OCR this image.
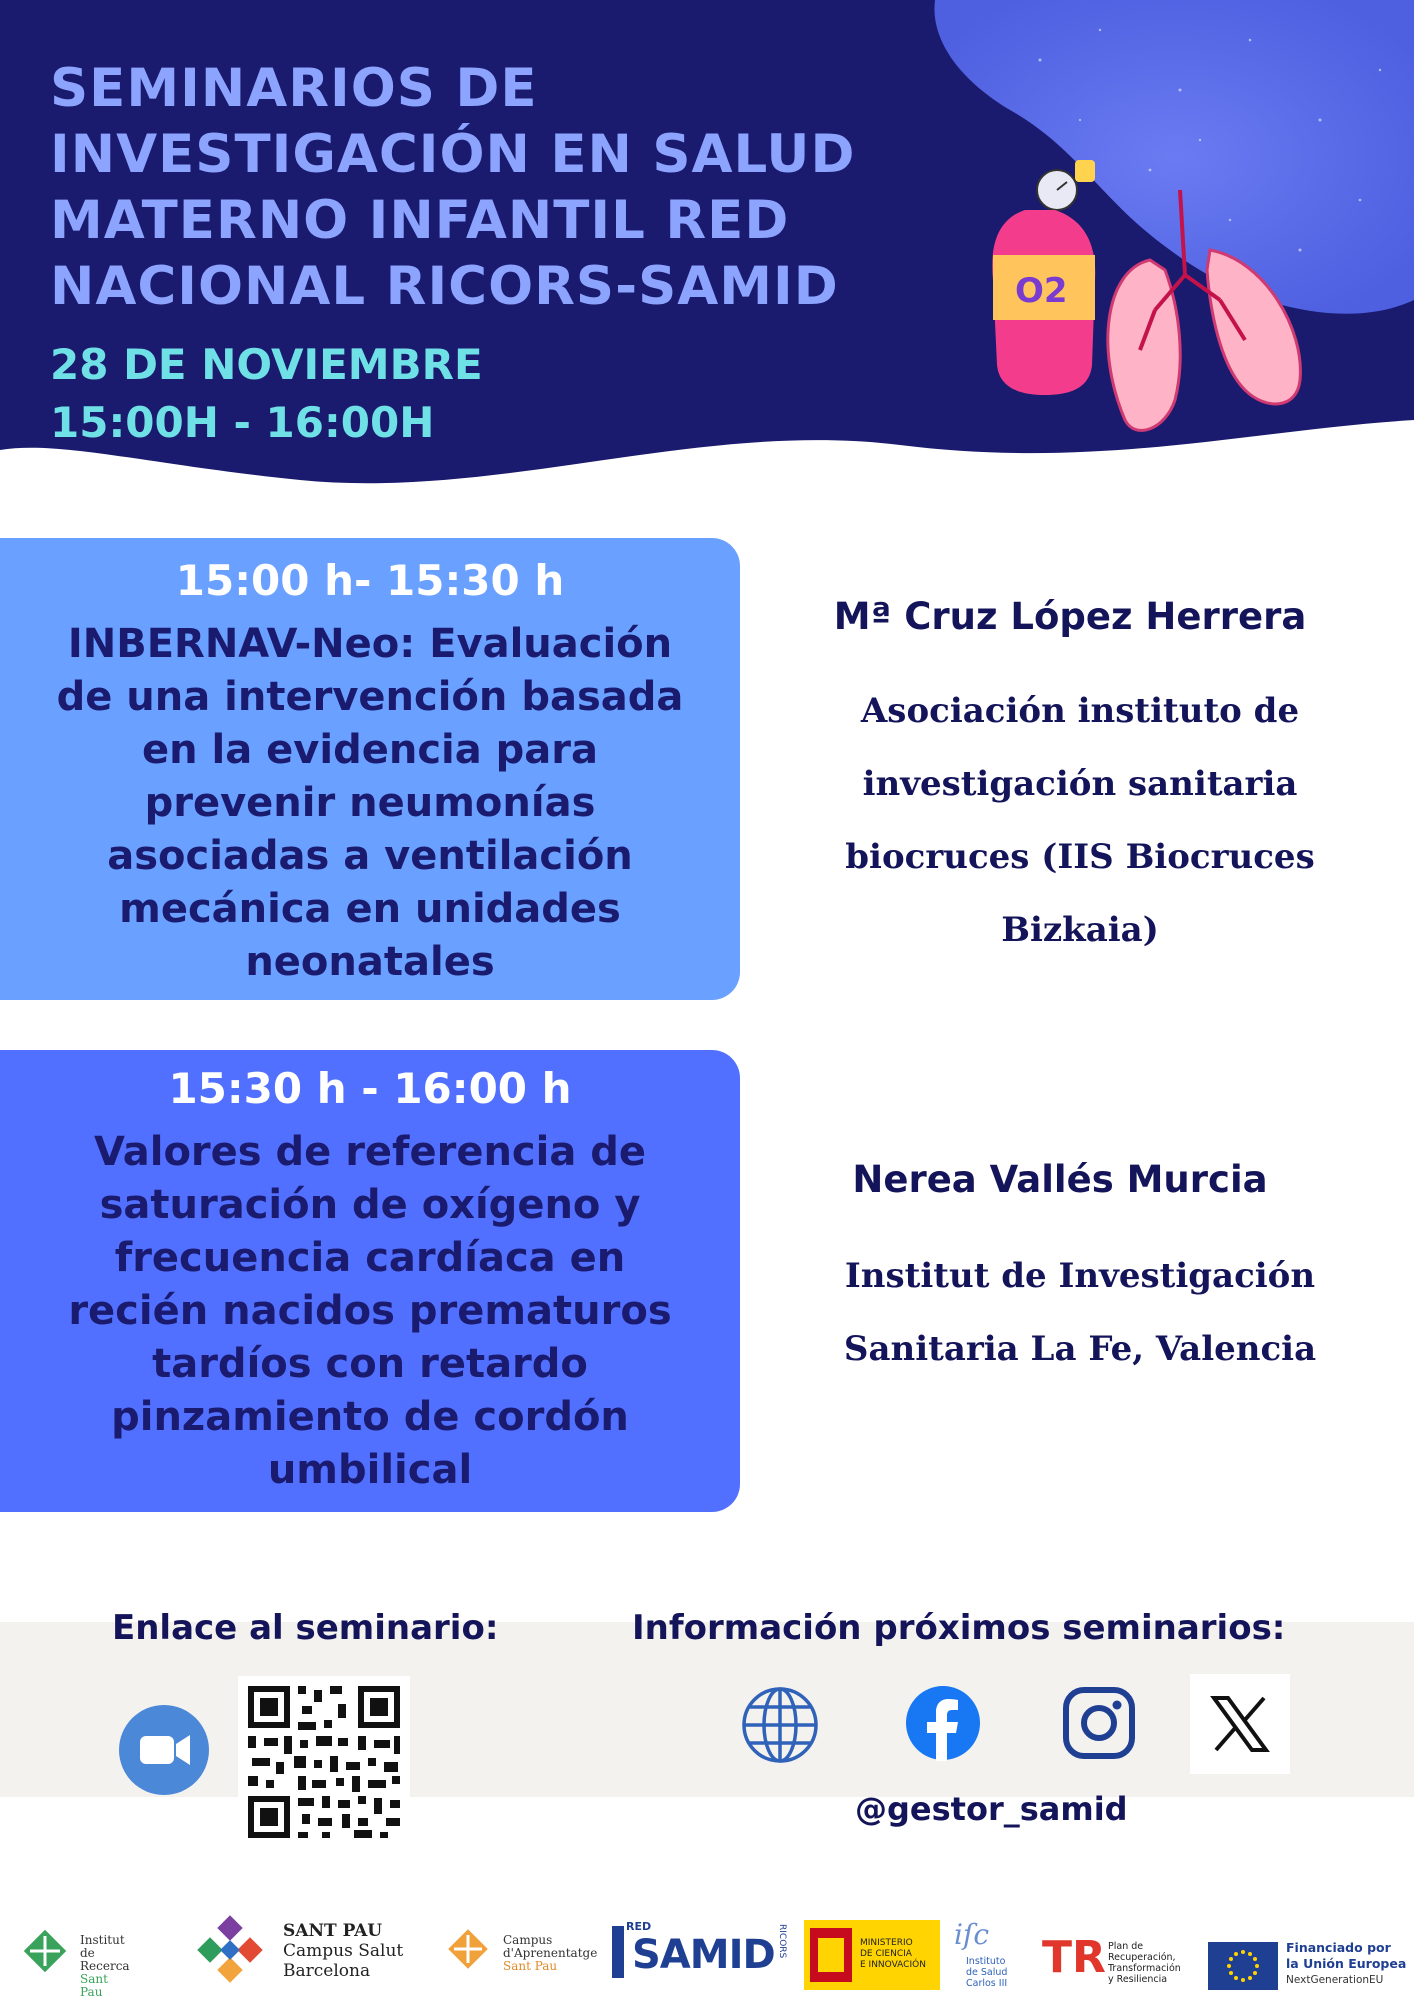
SEMINARIOS DE
INVESTIGACIÓN EN SALUD
MATERNO INFANTIL RED
NACIONAL RICORS-SAMID
28 DE NOVIEMBRE
15:00H - 16:00H
O2
15:00 h- 15:30 h
INBERNAV-Neo: Evaluación
de una intervención basada
en la evidencia para
prevenir neumonías
asociadas a ventilación
mecánica en unidades
neonatales
Mª Cruz López Herrera
Asociación instituto de
investigación sanitaria
biocruces (IIS Biocruces
Bizkaia)
15:30 h - 16:00 h
Valores de referencia de
saturación de oxígeno y
frecuencia cardíaca en
recién nacidos prematuros
tardíos con retardo
pinzamiento de cordón
umbilical
Nerea Vallés Murcia
Institut de Investigación
Sanitaria La Fe, Valencia
Enlace al seminario:	Información próximos seminarios:
@gestor_samid
Institut
de Recerca
Sant Pau
SANT PAU
Campus Salut
Barcelona
Campus
d'Aprenentatge
Sant Pau
RED
SAMID RICORS	MINISTERIO
DE CIENCIA
E INNOVACIÓN
iſc
Instituto
de Salud
Carlos III
TR Plan de
Recuperación,
Transformación
y Resiliencia
Financiado por
la Unión Europea
NextGenerationEU
